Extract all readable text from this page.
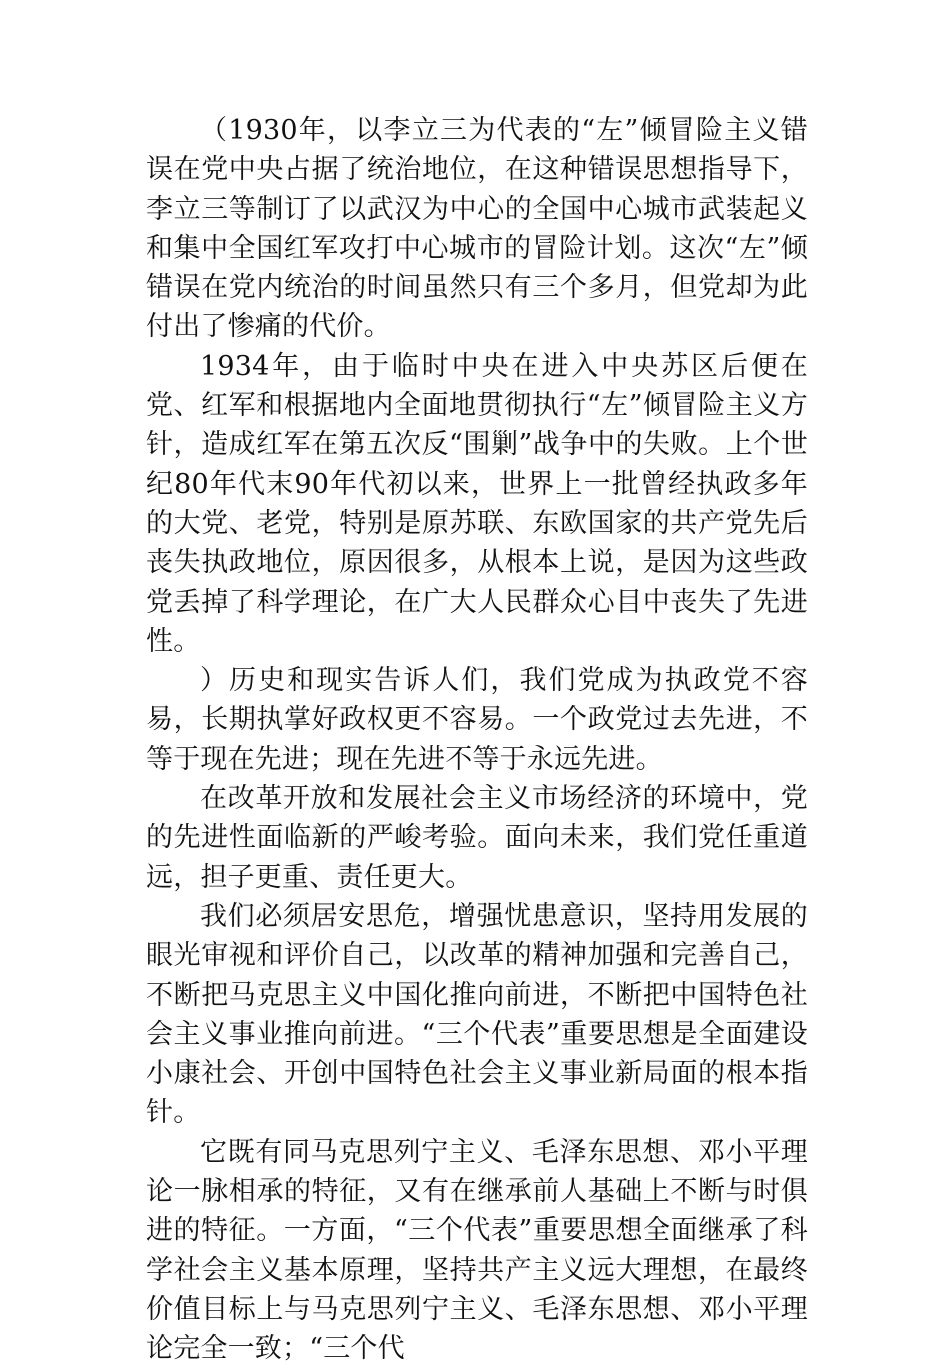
（1930年，以李立三为代表的“左”倾冒险主义错误在党中央占据了统治地位，在这种错误思想指导下，李立三等制订了以武汉为中心的全国中心城市武装起义和集中全国红军攻打中心城市的冒险计划。这次“左”倾错误在党内统治的时间虽然只有三个多月，但党却为此付出了惨痛的代价。

1934年，由于临时中央在进入中央苏区后便在党、红军和根据地内全面地贯彻执行“左”倾冒险主义方针，造成红军在第五次反“围剿”战争中的失败。上个世纪80年代末90年代初以来，世界上一批曾经执政多年的大党、老党，特别是原苏联、东欧国家的共产党先后丧失执政地位，原因很多，从根本上说，是因为这些政党丢掉了科学理论，在广大人民群众心目中丧失了先进性。

）历史和现实告诉人们，我们党成为执政党不容易，长期执掌好政权更不容易。一个政党过去先进，不等于现在先进；现在先进不等于永远先进。

在改革开放和发展社会主义市场经济的环境中，党的先进性面临新的严峻考验。面向未来，我们党任重道远，担子更重、责任更大。

我们必须居安思危，增强忧患意识，坚持用发展的眼光审视和评价自己，以改革的精神加强和完善自己，不断把马克思主义中国化推向前进，不断把中国特色社会主义事业推向前进。“三个代表”重要思想是全面建设小康社会、开创中国特色社会主义事业新局面的根本指针。

它既有同马克思列宁主义、毛泽东思想、邓小平理论一脉相承的特征，又有在继承前人基础上不断与时俱进的特征。一方面，“三个代表”重要思想全面继承了科学社会主义基本原理，坚持共产主义远大理想，在最终价值目标上与马克思列宁主义、毛泽东思想、邓小平理论完全一致；“三个代
